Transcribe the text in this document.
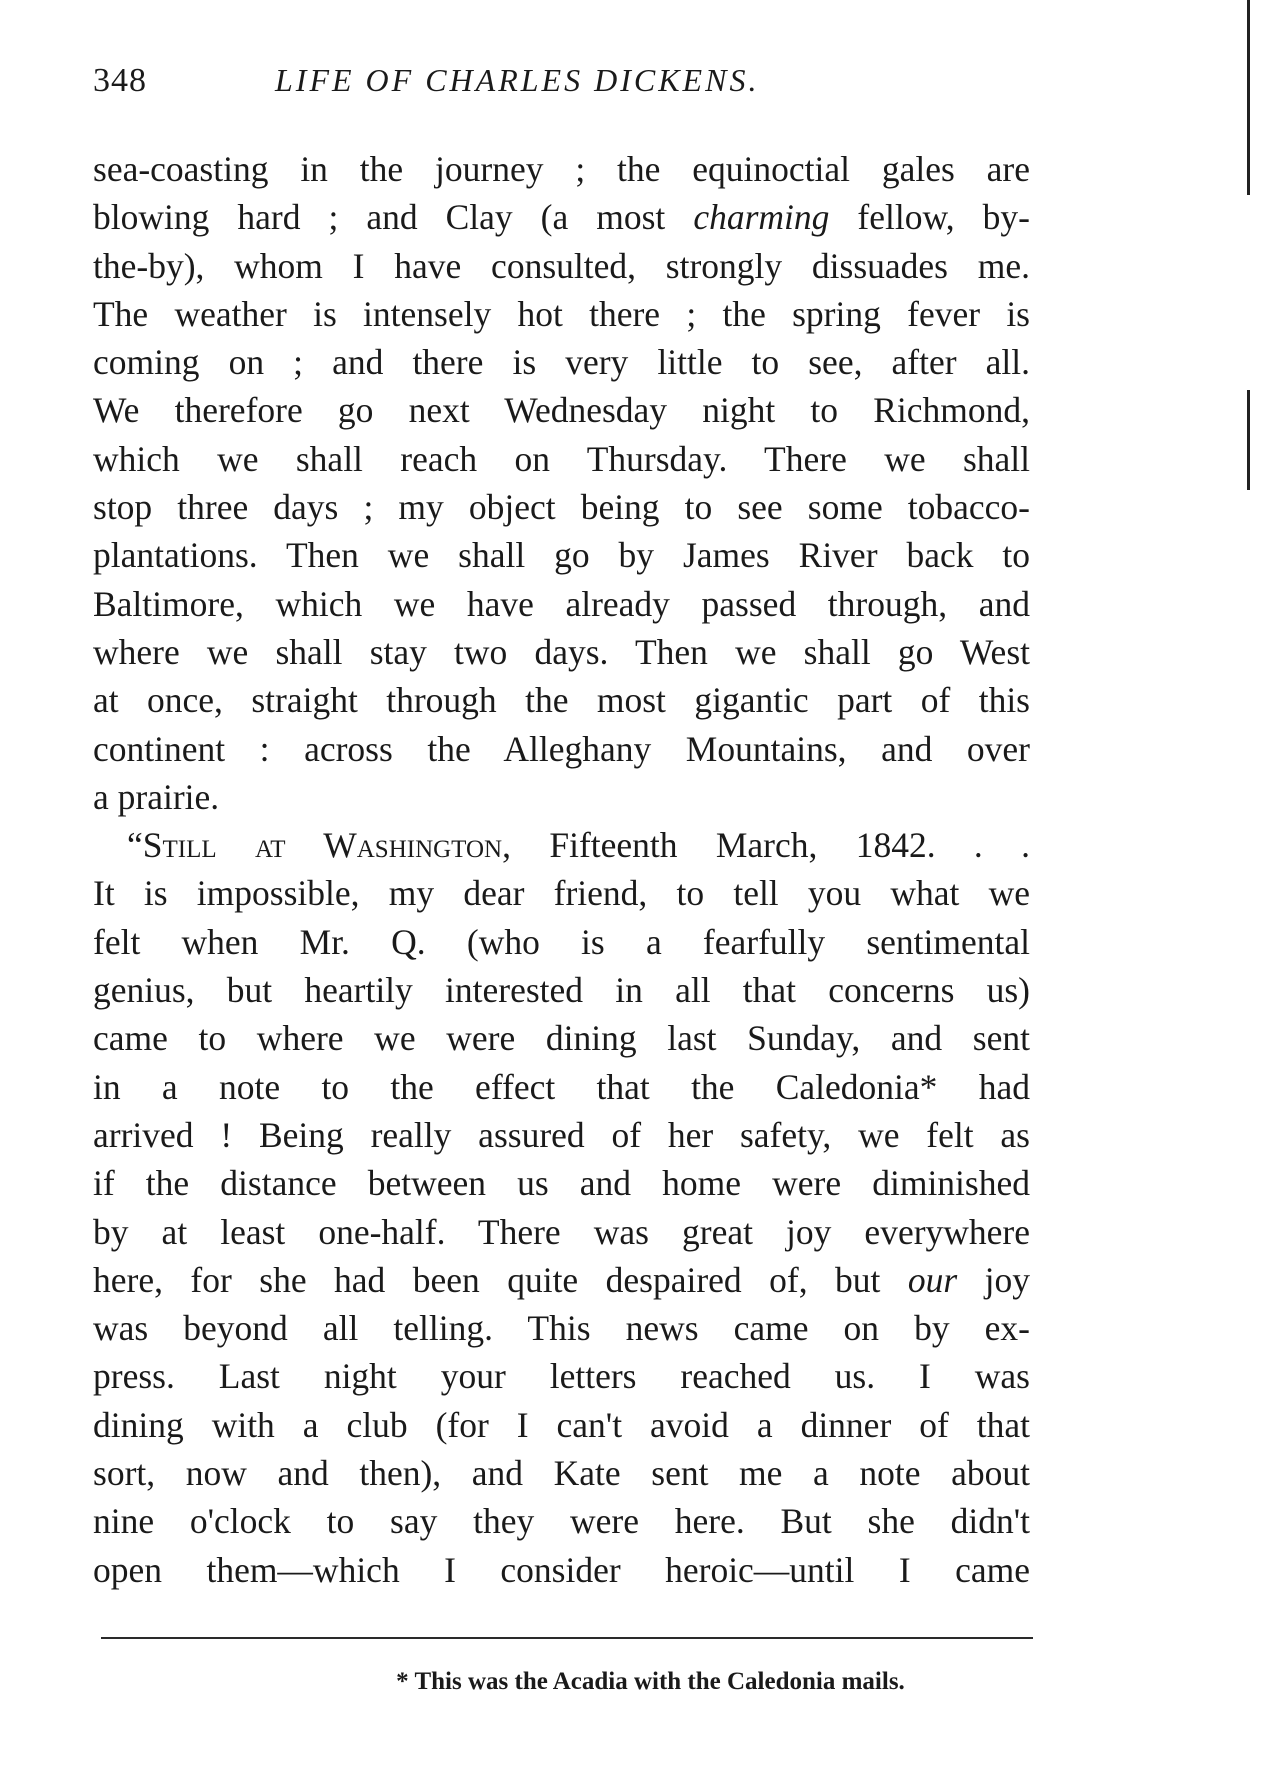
348	LIFE OF CHARLES DICKENS.
sea-coasting in the journey ; the equinoctial gales are
blowing hard ; and Clay (a most charming fellow, by-
the-by), whom I have consulted, strongly dissuades me.
The weather is intensely hot there ; the spring fever is
coming on ; and there is very little to see, after all.
We therefore go next Wednesday night to Richmond,
which we shall reach on Thursday. There we shall
stop three days ; my object being to see some tobacco-
plantations. Then we shall go by James River back to
Baltimore, which we have already passed through, and
where we shall stay two days. Then we shall go West
at once, straight through the most gigantic part of this
continent : across the Alleghany Mountains, and over
a prairie.
“Still at Washington, Fifteenth March, 1842. . .
It is impossible, my dear friend, to tell you what we
felt when Mr. Q. (who is a fearfully sentimental
genius, but heartily interested in all that concerns us)
came to where we were dining last Sunday, and sent
in a note to the effect that the Caledonia* had
arrived ! Being really assured of her safety, we felt as
if the distance between us and home were diminished
by at least one-half. There was great joy everywhere
here, for she had been quite despaired of, but our joy
was beyond all telling. This news came on by ex-
press. Last night your letters reached us. I was
dining with a club (for I can't avoid a dinner of that
sort, now and then), and Kate sent me a note about
nine o'clock to say they were here. But she didn't
open them—which I consider heroic—until I came
* This was the Acadia with the Caledonia mails.
